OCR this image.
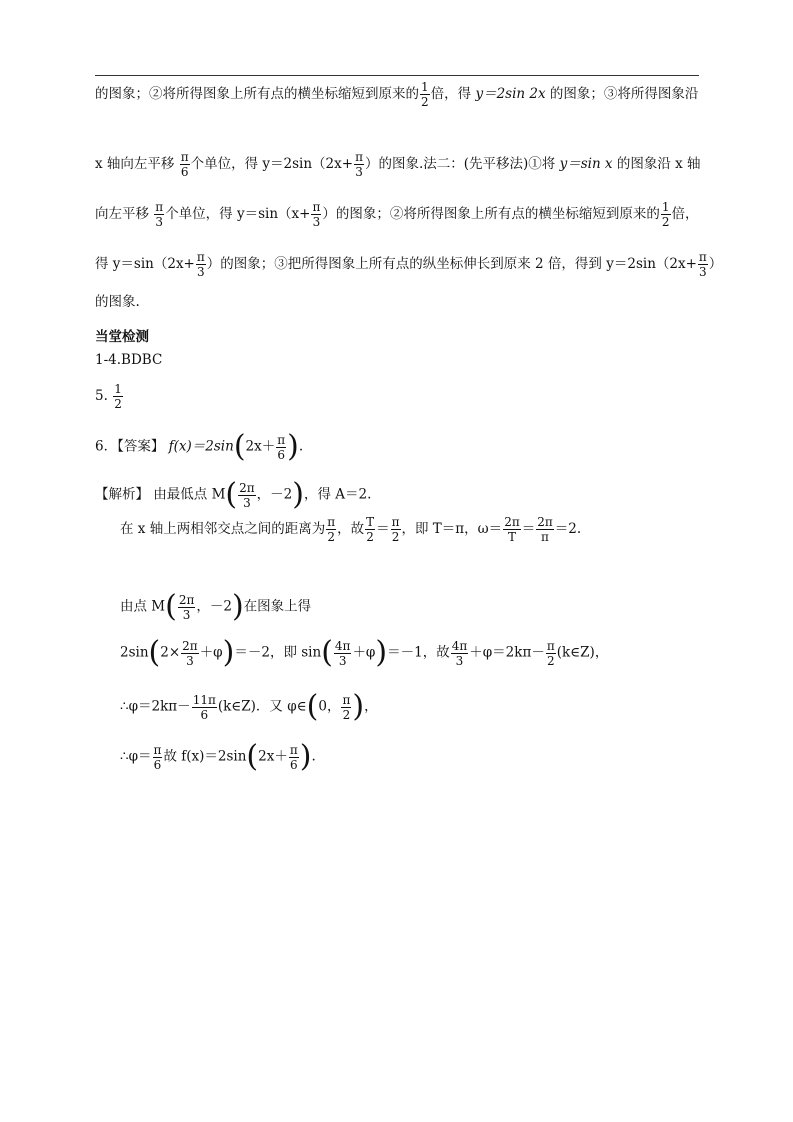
的图象；②将所得图象上所有点的横坐标缩短到原来的 $\frac{1}{2}$ 倍，得 y＝2sin 2x 的图象；③将所得图象沿
x 轴向左平移 $\frac{\pi}{6}$ 个单位，得 $y=2\sin(2x+ \frac{\pi}{3}$ ）的图象.法二：(先平移法)①将 y＝sin x 的图象沿 x 轴
向左平移 $\frac{\pi}{3}$ 个单位，得 $y=\sin(x+ \frac{\pi}{3}$ ）的图象；②将所得图象上所有点的横坐标缩短到原来的 $\frac{1}{2}$ 倍，
得 $y=\sin(2x+ \frac{\pi}{3}$ ）的图象；③把所得图象上所有点的纵坐标伸长到原来 2 倍，得到 $y=2\sin(2x+ \frac{\pi}{3}$ ）
的图象.
当堂检测
1-4.BDBC
5. $\frac{1}{2}$
6．【答案】 $f(x)=2\sin(2x+ \frac{\pi}{6}$ ).
【解析】 由最低点 $M( \frac{2\pi}{3}$ ，－2)，得 A＝2.
在 x 轴上两相邻交点之间的距离为 $\frac{\pi}{2}$ ，故 $\frac{T}{2} = \frac{\pi}{2}$ ，即 T＝π，$\omega= \frac{2\pi}{T} = \frac{2\pi}{\pi} =2$.
由点 $M( \frac{2\pi}{3}$ ，－2)在图象上得
$2\sin(2\times \frac{2\pi}{3} +\varphi)=-2$，即 $\sin( \frac{4\pi}{3} +\varphi)=-1$，故 $\frac{4\pi}{3} +\varphi=2k\pi- \frac{\pi}{2}$ (k∈Z)，
∴φ＝2kπ－ $\frac{11\pi}{6}$ (k∈Z)．又 φ∈(0， $\frac{\pi}{2}$ )，
∴φ＝ $\frac{\pi}{6}$ 故 $f(x)=2\sin(2x+ \frac{\pi}{6}$ ).
